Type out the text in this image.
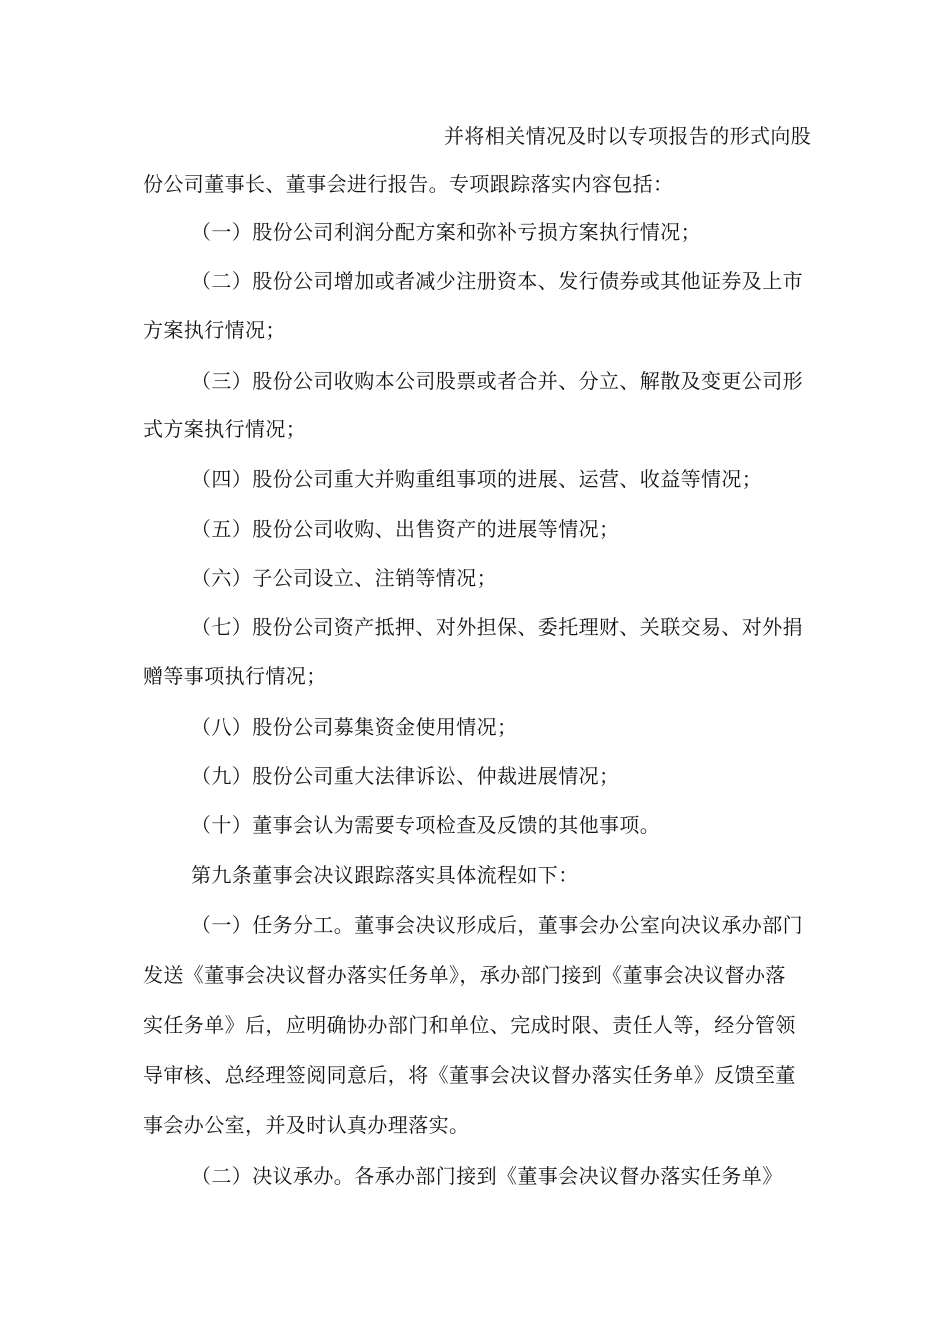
并将相关情况及时以专项报告的形式向股
份公司董事长、董事会进行报告。专项跟踪落实内容包括：
（一）股份公司利润分配方案和弥补亏损方案执行情况；
（二）股份公司增加或者减少注册资本、发行债券或其他证券及上市
方案执行情况；
（三）股份公司收购本公司股票或者合并、分立、解散及变更公司形
式方案执行情况；
（四）股份公司重大并购重组事项的进展、运营、收益等情况；
（五）股份公司收购、出售资产的进展等情况；
（六）子公司设立、注销等情况；
（七）股份公司资产抵押、对外担保、委托理财、关联交易、对外捐
赠等事项执行情况；
（八）股份公司募集资金使用情况；
（九）股份公司重大法律诉讼、仲裁进展情况；
（十）董事会认为需要专项检查及反馈的其他事项。
第九条董事会决议跟踪落实具体流程如下：
（一）任务分工。董事会决议形成后，董事会办公室向决议承办部门
发送《董事会决议督办落实任务单》，承办部门接到《董事会决议督办落
实任务单》后，应明确协办部门和单位、完成时限、责任人等，经分管领
导审核、总经理签阅同意后，将《董事会决议督办落实任务单》反馈至董
事会办公室，并及时认真办理落实。
（二）决议承办。各承办部门接到《董事会决议督办落实任务单》
